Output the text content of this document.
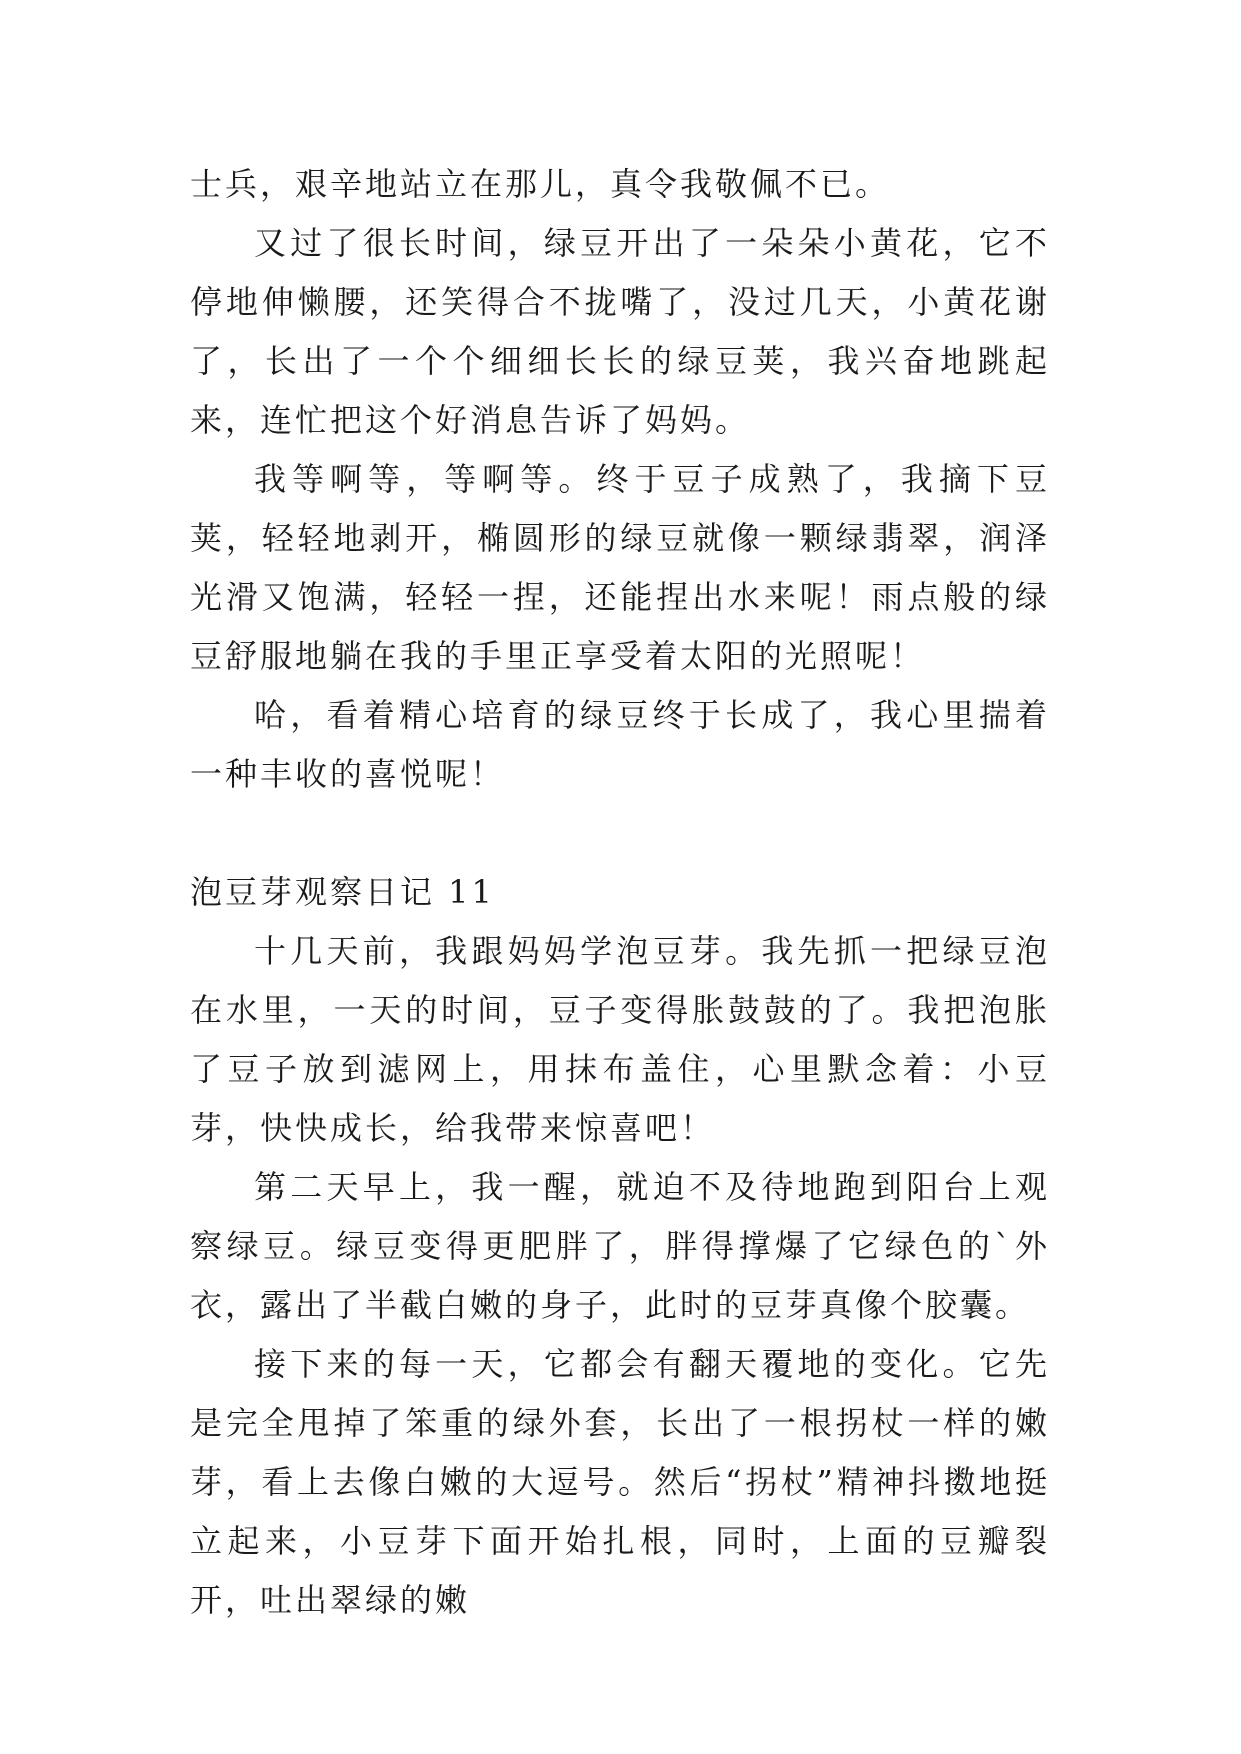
士兵，艰辛地站立在那儿，真令我敬佩不已。

又过了很长时间，绿豆开出了一朵朵小黄花，它不停地伸懒腰，还笑得合不拢嘴了，没过几天，小黄花谢了，长出了一个个细细长长的绿豆荚，我兴奋地跳起来，连忙把这个好消息告诉了妈妈。

我等啊等，等啊等。终于豆子成熟了，我摘下豆荚，轻轻地剥开，椭圆形的绿豆就像一颗绿翡翠，润泽光滑又饱满，轻轻一捏，还能捏出水来呢！雨点般的绿豆舒服地躺在我的手里正享受着太阳的光照呢！

哈，看着精心培育的绿豆终于长成了，我心里揣着一种丰收的喜悦呢！

泡豆芽观察日记 11

十几天前，我跟妈妈学泡豆芽。我先抓一把绿豆泡在水里，一天的时间，豆子变得胀鼓鼓的了。我把泡胀了豆子放到滤网上，用抹布盖住，心里默念着：小豆芽，快快成长，给我带来惊喜吧！

第二天早上，我一醒，就迫不及待地跑到阳台上观察绿豆。绿豆变得更肥胖了，胖得撑爆了它绿色的`外衣，露出了半截白嫩的身子，此时的豆芽真像个胶囊。

接下来的每一天，它都会有翻天覆地的变化。它先是完全甩掉了笨重的绿外套，长出了一根拐杖一样的嫩芽，看上去像白嫩的大逗号。然后“拐杖”精神抖擞地挺立起来，小豆芽下面开始扎根，同时，上面的豆瓣裂开，吐出翠绿的嫩
